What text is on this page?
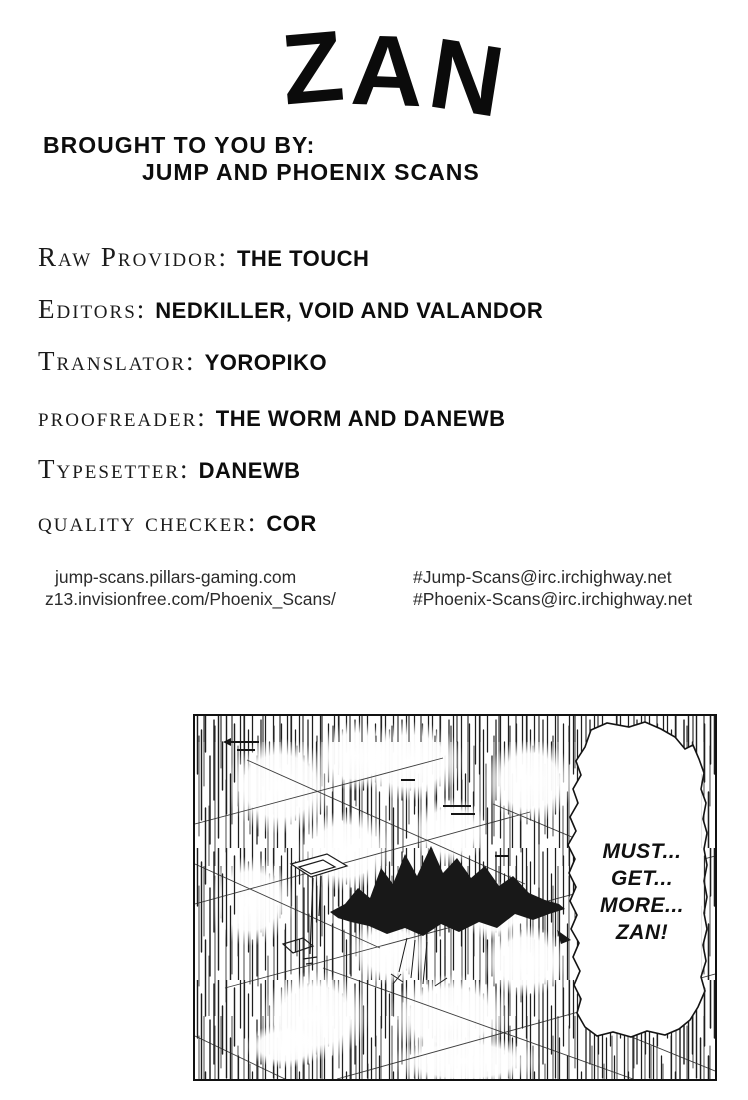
Z A
N
BROUGHT TO YOU BY:
JUMP AND PHOENIX SCANS
Raw Providor: THE TOUCH
Editors: NEDKILLER, VOID AND VALANDOR
Translator: YOROPIKO
proofreader: THE WORM AND DANEWB
Typesetter: DANEWB
quality checker: COR
jump-scans.pillars-gaming.com
z13.invisionfree.com/Phoenix_Scans/
#Jump-Scans@irc.irchighway.net
#Phoenix-Scans@irc.irchighway.net
MUST...
GET...
MORE...
ZAN!
